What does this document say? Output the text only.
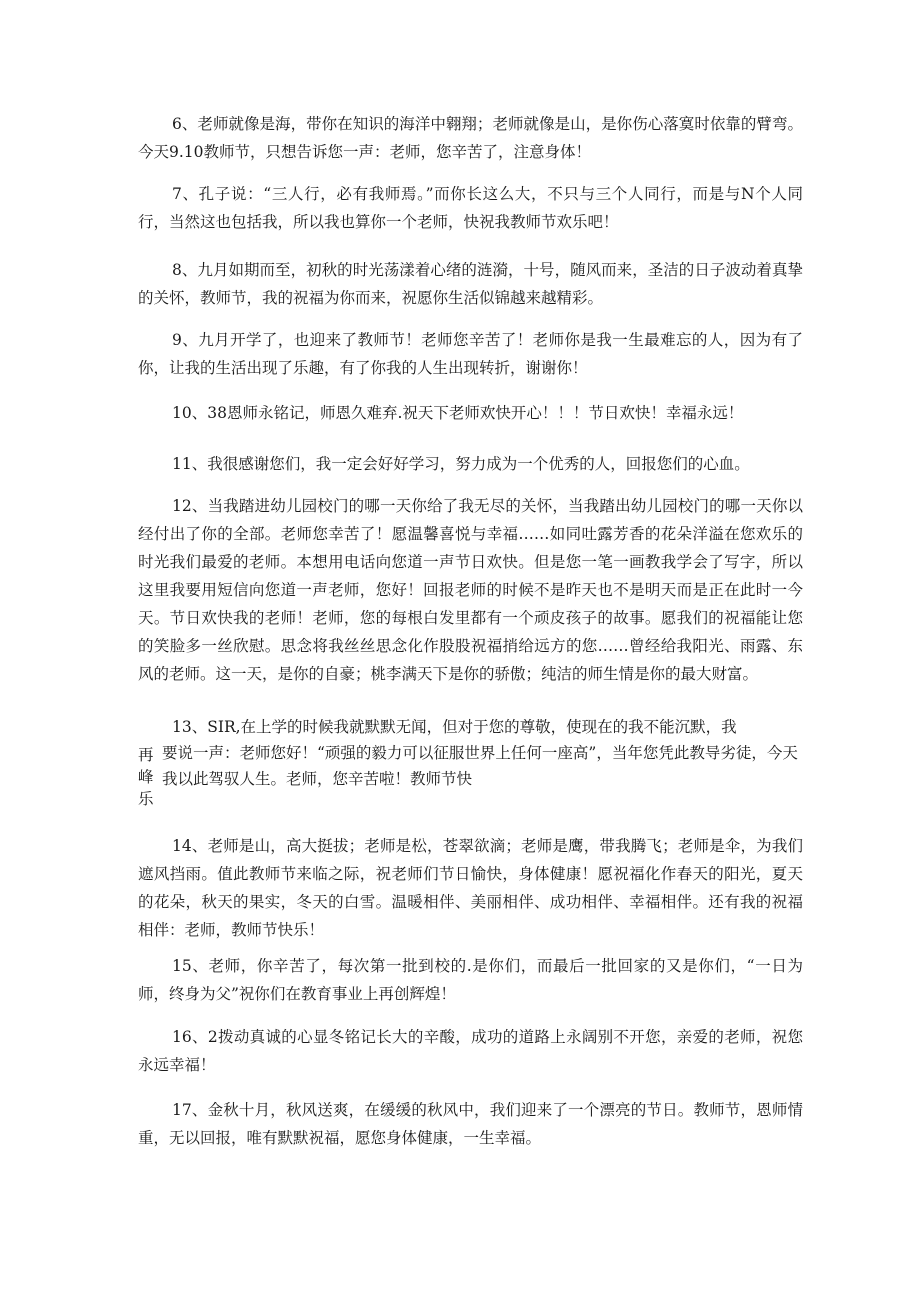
6、老师就像是海，带你在知识的海洋中翱翔；老师就像是山，是你伤心落寞时依靠的臂弯。今天9.10教师节，只想告诉您一声：老师，您辛苦了，注意身体！

7、孔子说：“三人行，必有我师焉。”而你长这么大，不只与三个人同行，而是与N个人同行，当然这也包括我，所以我也算你一个老师，快祝我教师节欢乐吧！

8、九月如期而至，初秋的时光荡漾着心绪的涟漪，十号，随风而来，圣洁的日子波动着真挚的关怀，教师节，我的祝福为你而来，祝愿你生活似锦越来越精彩。

9、九月开学了，也迎来了教师节！老师您辛苦了！老师你是我一生最难忘的人，因为有了你，让我的生活出现了乐趣，有了你我的人生出现转折，谢谢你！

10、38恩师永铭记，师恩久难弃.祝天下老师欢快开心！！！节日欢快！幸福永远！

11、我很感谢您们，我一定会好好学习，努力成为一个优秀的人，回报您们的心血。

12、当我踏进幼儿园校门的哪一天你给了我无尽的关怀，当我踏出幼儿园校门的哪一天你以经付出了你的全部。老师您幸苦了！愿温馨喜悦与幸福……如同吐露芳香的花朵洋溢在您欢乐的时光我们最爱的老师。本想用电话向您道一声节日欢快。但是您一笔一画教我学会了写字，所以这里我要用短信向您道一声老师，您好！回报老师的时候不是昨天也不是明天而是正在此时一今天。节日欢快我的老师！老师，您的每根白发里都有一个顽皮孩子的故事。愿我们的祝福能让您的笑脸多一丝欣慰。思念将我丝丝思念化作股股祝福捎给远方的您……曾经给我阳光、雨露、东风的老师。这一天，是你的自豪；桃李满天下是你的骄傲；纯洁的师生情是你的最大财富。

13、SIR,在上学的时候我就默默无闻，但对于您的尊敬，使现在的我不能沉默，我

要说一声：老师您好！“顽强的毅力可以征服世界上任何一座高”，当年您凭此教导劣徒，今天我以此驾驭人生。老师，您辛苦啦！教师节快

再

峰

乐

14、老师是山，高大挺拔；老师是松，苍翠欲滴；老师是鹰，带我腾飞；老师是伞，为我们遮风挡雨。值此教师节来临之际，祝老师们节日愉快，身体健康！愿祝福化作春天的阳光，夏天的花朵，秋天的果实，冬天的白雪。温暖相伴、美丽相伴、成功相伴、幸福相伴。还有我的祝福相伴：老师，教师节快乐！

15、老师，你辛苦了，每次第一批到校的.是你们，而最后一批回家的又是你们，“一日为师，终身为父”祝你们在教育事业上再创辉煌！

16、2拨动真诚的心显冬铭记长大的辛酸，成功的道路上永阔别不开您，亲爱的老师，祝您永远幸福！

17、金秋十月，秋风送爽，在缓缓的秋风中，我们迎来了一个漂亮的节日。教师节，恩师情重，无以回报，唯有默默祝福，愿您身体健康，一生幸福。
